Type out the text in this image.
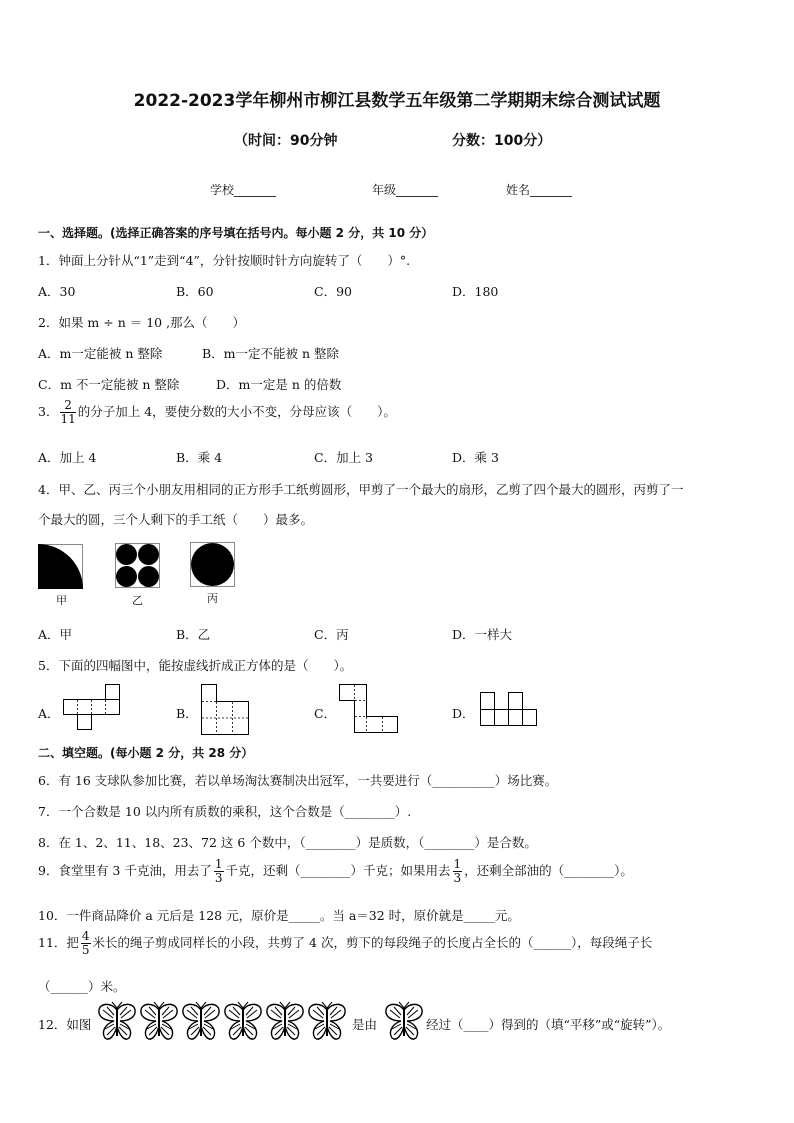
2022-2023学年柳州市柳江县数学五年级第二学期期末综合测试试题
（时间：90分钟	分数：100分）
学校_______	年级_______	姓名_______
一、选择题。(选择正确答案的序号填在括号内。每小题 2 分，共 10 分）
1．钟面上分针从“1”走到“4”，分针按顺时针方向旋转了（　　）°.
A．30	B．60	C．90	D．180
2．如果 m ÷ n ＝ 10 ,那么（　　）
A．m一定能被 n 整除	B．m一定不能被 n 整除
C．m 不一定能被 n 整除	D．m一定是 n 的倍数
3． $\frac{2}{11}$ 的分子加上 4，要使分数的大小不变，分母应该（　　）。
A．加上 4	B．乘 4	C．加上 3	D．乘 3
4．甲、乙、丙三个小朋友用相同的正方形手工纸剪圆形，甲剪了一个最大的扇形，乙剪了四个最大的圆形，丙剪了一
个最大的圆，三个人剩下的手工纸（　　）最多。
甲	乙	丙
A．甲	B．乙	C．丙	D．一样大
5．下面的四幅图中，能按虚线折成正方体的是（　　）。
A．	B．	C．	D．
二、填空题。(每小题 2 分，共 28 分）
6．有 16 支球队参加比赛，若以单场淘汰赛制决出冠军，一共要进行（__________）场比赛。
7．一个合数是 10 以内所有质数的乘积，这个合数是（________）.
8．在 1、2、11、18、23、72 这 6 个数中，（________）是质数，（________）是合数。
9．食堂里有 3 千克油，用去了 $\frac{1}{3}$ 千克，还剩（________）千克；如果用去 $\frac{1}{3}$ ，还剩全部油的（________）。
10．一件商品降价 a 元后是 128 元，原价是_____。当 a＝32 时，原价就是_____元。
11．把 $\frac{4}{5}$ 米长的绳子剪成同样长的小段，共剪了 4 次，剪下的每段绳子的长度占全长的（______），每段绳子长
（______）米。
12．如图	是由	经过（____）得到的（填“平移”或“旋转”）。
